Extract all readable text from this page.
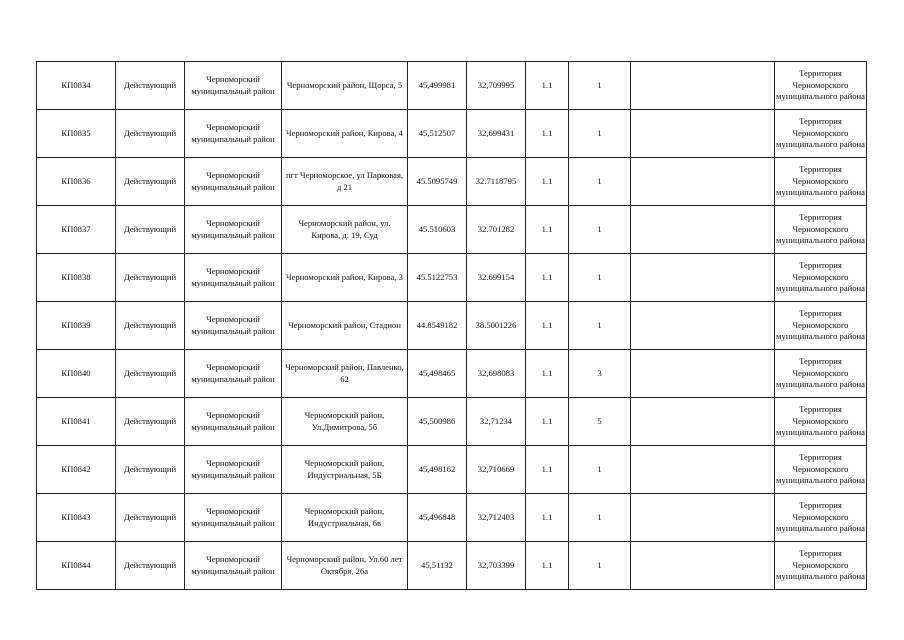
КП0834	Действующий	Черноморский муниципальный район	Черноморский район, Щорса, 5	45,499981	32,709995	1.1	1		Территория Черноморского муниципального района
КП0835	Действующий	Черноморский муниципальный район	Черноморский район, Кирова, 4	45,512507	32,699431	1.1	1		Территория Черноморского муниципального района
КП0836	Действующий	Черноморский муниципальный район	пгт Черноморское, ул Парковая, д 21	45.5095749	32.7118795	1.1	1		Территория Черноморского муниципального района
КП0837	Действующий	Черноморский муниципальный район	Черноморский район, ул. Кирова, д. 19, Суд	45.510603	32.701282	1.1	1		Территория Черноморского муниципального района
КП0838	Действующий	Черноморский муниципальный район	Черноморский район, Кирова, 3	45.5122753	32.699154	1.1	1		Территория Черноморского муниципального района
КП0839	Действующий	Черноморский муниципальный район	Черноморский район, Стадион	44.8549182	38.5001226	1.1	1		Территория Черноморского муниципального района
КП0840	Действующий	Черноморский муниципальный район	Черноморский район, Павленко, 62	45,498465	32,698083	1.1	3		Территория Черноморского муниципального района
КП0841	Действующий	Черноморский муниципальный район	Черноморский район, Ул.Димитрова, 5б	45,500986	32,71234	1.1	5		Территория Черноморского муниципального района
КП0842	Действующий	Черноморский муниципальный район	Черноморский район, Индустриальная, 5Б	45,498162	32,710669	1.1	1		Территория Черноморского муниципального района
КП0843	Действующий	Черноморский муниципальный район	Черноморский район, Индустриальная, 6в	45,496848	32,712403	1.1	1		Территория Черноморского муниципального района
КП0844	Действующий	Черноморский муниципальный район	Черноморский район, Ул.60 лет Октября, 26а	45,51132	32,703399	1.1	1		Территория Черноморского муниципального района
